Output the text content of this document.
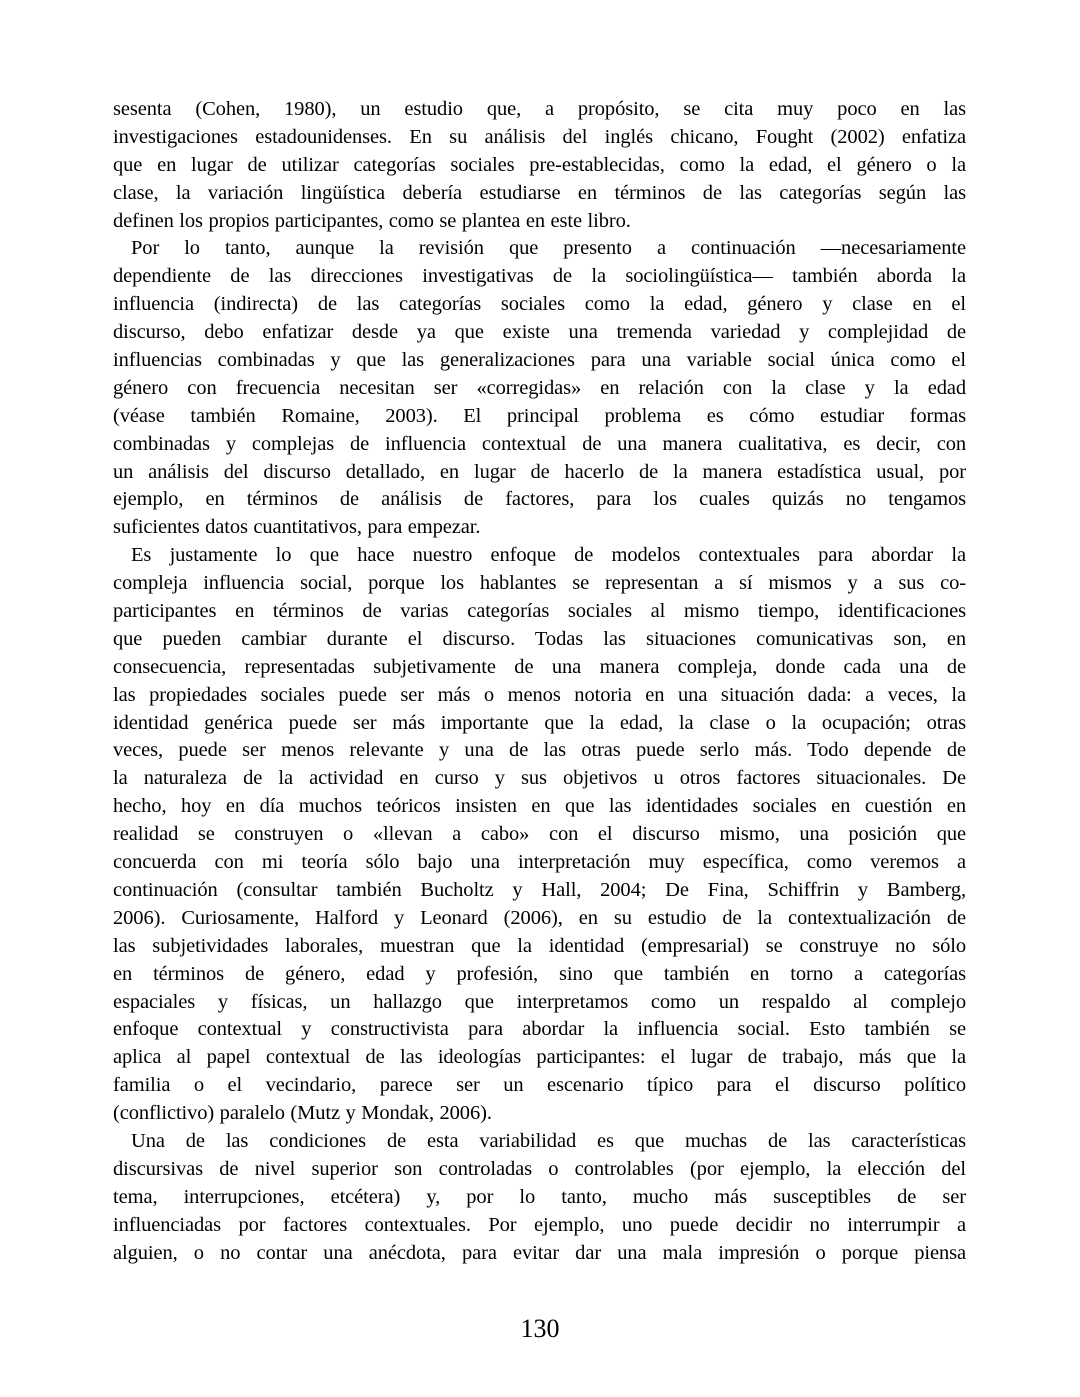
sesenta (Cohen, 1980), un estudio que, a propósito, se cita muy poco en las
investigaciones estadounidenses. En su análisis del inglés chicano, Fought (2002) enfatiza
que en lugar de utilizar categorías sociales pre-establecidas, como la edad, el género o la
clase, la variación lingüística debería estudiarse en términos de las categorías según las
definen los propios participantes, como se plantea en este libro.
Por lo tanto, aunque la revisión que presento a continuación —necesariamente
dependiente de las direcciones investigativas de la sociolingüística— también aborda la
influencia (indirecta) de las categorías sociales como la edad, género y clase en el
discurso, debo enfatizar desde ya que existe una tremenda variedad y complejidad de
influencias combinadas y que las generalizaciones para una variable social única como el
género con frecuencia necesitan ser «corregidas» en relación con la clase y la edad
(véase también Romaine, 2003). El principal problema es cómo estudiar formas
combinadas y complejas de influencia contextual de una manera cualitativa, es decir, con
un análisis del discurso detallado, en lugar de hacerlo de la manera estadística usual, por
ejemplo, en términos de análisis de factores, para los cuales quizás no tengamos
suficientes datos cuantitativos, para empezar.
Es justamente lo que hace nuestro enfoque de modelos contextuales para abordar la
compleja influencia social, porque los hablantes se representan a sí mismos y a sus co-
participantes en términos de varias categorías sociales al mismo tiempo, identificaciones
que pueden cambiar durante el discurso. Todas las situaciones comunicativas son, en
consecuencia, representadas subjetivamente de una manera compleja, donde cada una de
las propiedades sociales puede ser más o menos notoria en una situación dada: a veces, la
identidad genérica puede ser más importante que la edad, la clase o la ocupación; otras
veces, puede ser menos relevante y una de las otras puede serlo más. Todo depende de
la naturaleza de la actividad en curso y sus objetivos u otros factores situacionales. De
hecho, hoy en día muchos teóricos insisten en que las identidades sociales en cuestión en
realidad se construyen o «llevan a cabo» con el discurso mismo, una posición que
concuerda con mi teoría sólo bajo una interpretación muy específica, como veremos a
continuación (consultar también Bucholtz y Hall, 2004; De Fina, Schiffrin y Bamberg,
2006). Curiosamente, Halford y Leonard (2006), en su estudio de la contextualización de
las subjetividades laborales, muestran que la identidad (empresarial) se construye no sólo
en términos de género, edad y profesión, sino que también en torno a categorías
espaciales y físicas, un hallazgo que interpretamos como un respaldo al complejo
enfoque contextual y constructivista para abordar la influencia social. Esto también se
aplica al papel contextual de las ideologías participantes: el lugar de trabajo, más que la
familia o el vecindario, parece ser un escenario típico para el discurso político
(conflictivo) paralelo (Mutz y Mondak, 2006).
Una de las condiciones de esta variabilidad es que muchas de las características
discursivas de nivel superior son controladas o controlables (por ejemplo, la elección del
tema, interrupciones, etcétera) y, por lo tanto, mucho más susceptibles de ser
influenciadas por factores contextuales. Por ejemplo, uno puede decidir no interrumpir a
alguien, o no contar una anécdota, para evitar dar una mala impresión o porque piensa
130
